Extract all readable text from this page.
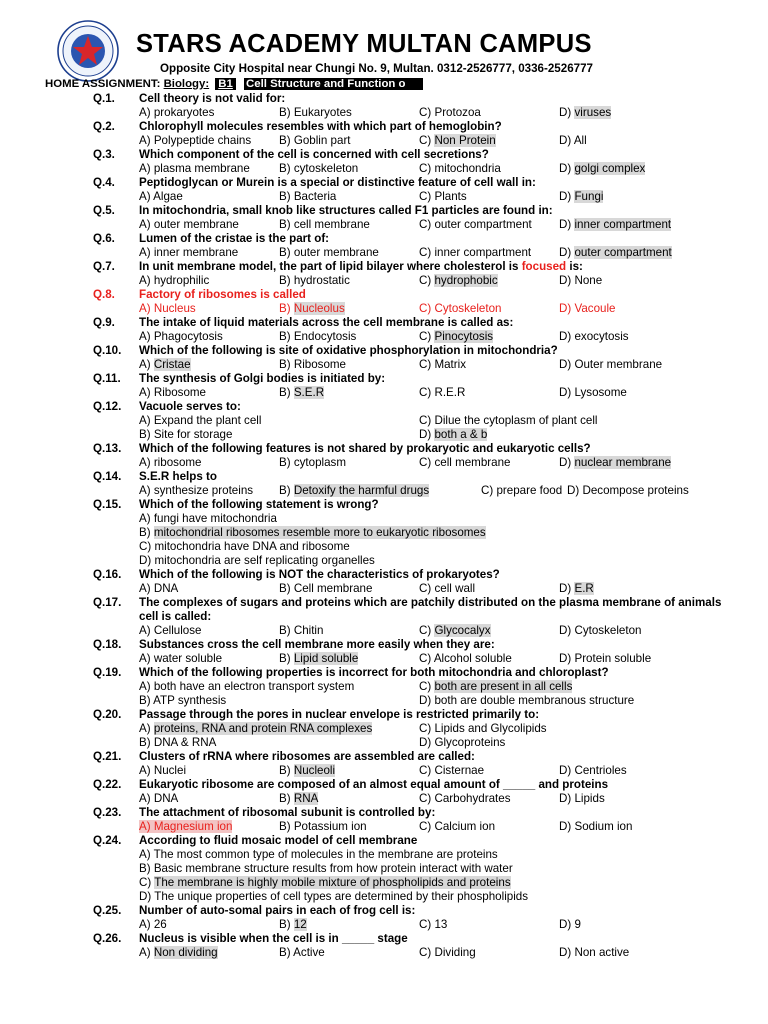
STARS ACADEMY MULTAN CAMPUS
Opposite City Hospital near Chungi No. 9, Multan. 0312-2526777, 0336-2526777
HOME ASSIGNMENT: Biology: B1 Cell Structure and Function o
Q.1. Cell theory is not valid for:
A) prokaryotes	B) Eukaryotes	C) Protozoa	D) viruses
Q.2. Chlorophyll molecules resembles with which part of hemoglobin?
A) Polypeptide chains B) Goblin part	C) Non Protein	D) All
Q.3. Which component of the cell is concerned with cell secretions?
A) plasma membrane	B) cytoskeleton	C) mitochondria	D) golgi complex
Q.4. Peptidoglycan or Murein is a special or distinctive feature of cell wall in:
A) Algae	B) Bacteria	C) Plants	D) Fungi
Q.5. In mitochondria, small knob like structures called F1 particles are found in:
A) outer membrane	B) cell membrane	C) outer compartment D) inner compartment
Q.6. Lumen of the cristae is the part of:
A) inner membrane	B) outer membrane	C) inner compartment D) outer compartment
Q.7. In unit membrane model, the part of lipid bilayer where cholesterol is focused is:
A) hydrophilic	B) hydrostatic	C) hydrophobic	D) None
Q.8. Factory of ribosomes is called
A) Nucleus	B) Nucleolus	C) Cytoskeleton	D) Vacoule
Q.9. The intake of liquid materials across the cell membrane is called as:
A) Phagocytosis	B) Endocytosis	C) Pinocytosis	D) exocytosis
Q.10. Which of the following is site of oxidative phosphorylation in mitochondria?
A) Cristae	B) Ribosome	C) Matrix	D) Outer membrane
Q.11. The synthesis of Golgi bodies is initiated by:
A) Ribosome	B) S.E.R	C) R.E.R	D) Lysosome
Q.12. Vacuole serves to:
A) Expand the plant cell	C) Dilue the cytoplasm of plant cell
B) Site for storage	D) both a & b
Q.13. Which of the following features is not shared by prokaryotic and eukaryotic cells?
A) ribosome	B) cytoplasm	C) cell membrane	D) nuclear membrane
Q.14. S.E.R helps to
A) synthesize proteins B) Detoxify the harmful drugs	C) prepare food D) Decompose proteins
Q.15. Which of the following statement is wrong?
A) fungi have mitochondria
B) mitochondrial ribosomes resemble more to eukaryotic ribosomes
C) mitochondria have DNA and ribosome
D) mitochondria are self replicating organelles
Q.16. Which of the following is NOT the characteristics of prokaryotes?
A) DNA	B) Cell membrane	C) cell wall	D) E.R
Q.17. The complexes of sugars and proteins which are patchily distributed on the plasma membrane of animals cell is called:
A) Cellulose	B) Chitin	C) Glycocalyx	D) Cytoskeleton
Q.18. Substances cross the cell membrane more easily when they are:
A) water soluble	B) Lipid soluble	C) Alcohol soluble	D) Protein soluble
Q.19. Which of the following properties is incorrect for both mitochondria and chloroplast?
A) both have an electron transport system	C) both are present in all cells
B) ATP synthesis	D) both are double membranous structure
Q.20. Passage through the pores in nuclear envelope is restricted primarily to:
A) proteins, RNA and protein RNA complexes	C) Lipids and Glycolipids
B) DNA & RNA	D) Glycoproteins
Q.21. Clusters of rRNA where ribosomes are assembled are called:
A) Nuclei	B) Nucleoli	C) Cisternae	D) Centrioles
Q.22. Eukaryotic ribosome are composed of an almost equal amount of _____ and proteins
A) DNA	B) RNA	C) Carbohydrates	D) Lipids
Q.23. The attachment of ribosomal subunit is controlled by:
A) Magnesium ion	B) Potassium ion	C) Calcium ion	D) Sodium ion
Q.24. According to fluid mosaic model of cell membrane
A) The most common type of molecules in the membrane are proteins
B) Basic membrane structure results from how protein interact with water
C) The membrane is highly mobile mixture of phospholipids and proteins
D) The unique properties of cell types are determined by their phospholipids
Q.25. Number of auto-somal pairs in each of frog cell is:
A) 26	B) 12	C) 13	D) 9
Q.26. Nucleus is visible when the cell is in _____ stage
A) Non dividing	B) Active	C) Dividing	D) Non active
